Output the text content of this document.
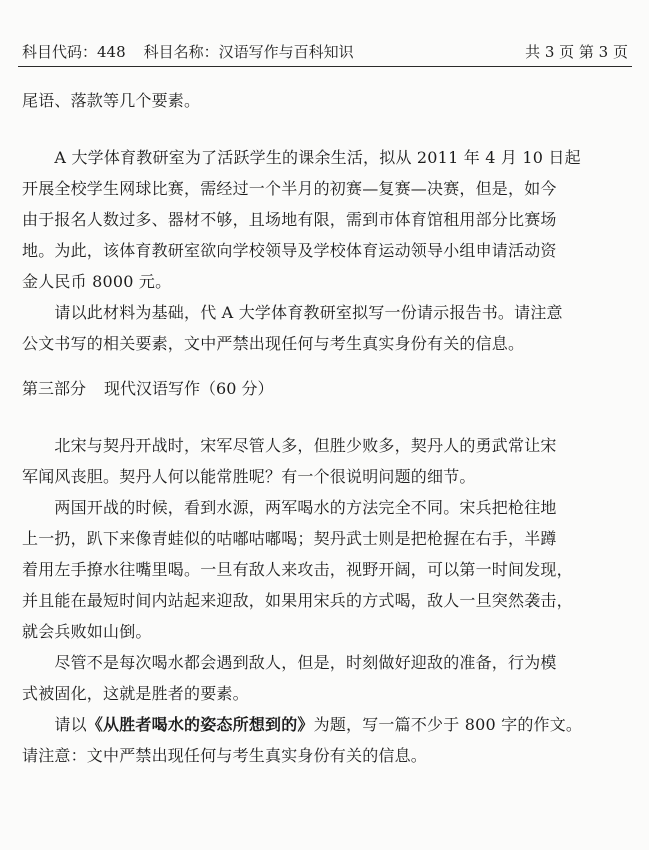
科目代码：448 科目名称：汉语写作与百科知识	共 3 页 第 3 页
尾语、落款等几个要素。
　　A 大学体育教研室为了活跃学生的课余生活，拟从 2011 年 4 月 10 日起
开展全校学生网球比赛，需经过一个半月的初赛—复赛—决赛，但是，如今
由于报名人数过多、器材不够，且场地有限，需到市体育馆租用部分比赛场
地。为此，该体育教研室欲向学校领导及学校体育运动领导小组申请活动资
金人民币 8000 元。
　　请以此材料为基础，代 A 大学体育教研室拟写一份请示报告书。请注意
公文书写的相关要素，文中严禁出现任何与考生真实身份有关的信息。
第三部分 现代汉语写作（60 分）
　　北宋与契丹开战时，宋军尽管人多，但胜少败多，契丹人的勇武常让宋
军闻风丧胆。契丹人何以能常胜呢？有一个很说明问题的细节。
　　两国开战的时候，看到水源，两军喝水的方法完全不同。宋兵把枪往地
上一扔，趴下来像青蛙似的咕嘟咕嘟喝；契丹武士则是把枪握在右手，半蹲
着用左手撩水往嘴里喝。一旦有敌人来攻击，视野开阔，可以第一时间发现，
并且能在最短时间内站起来迎敌，如果用宋兵的方式喝，敌人一旦突然袭击，
就会兵败如山倒。
　　尽管不是每次喝水都会遇到敌人，但是，时刻做好迎敌的准备，行为模
式被固化，这就是胜者的要素。
　　请以《从胜者喝水的姿态所想到的》为题，写一篇不少于 800 字的作文。
请注意：文中严禁出现任何与考生真实身份有关的信息。
